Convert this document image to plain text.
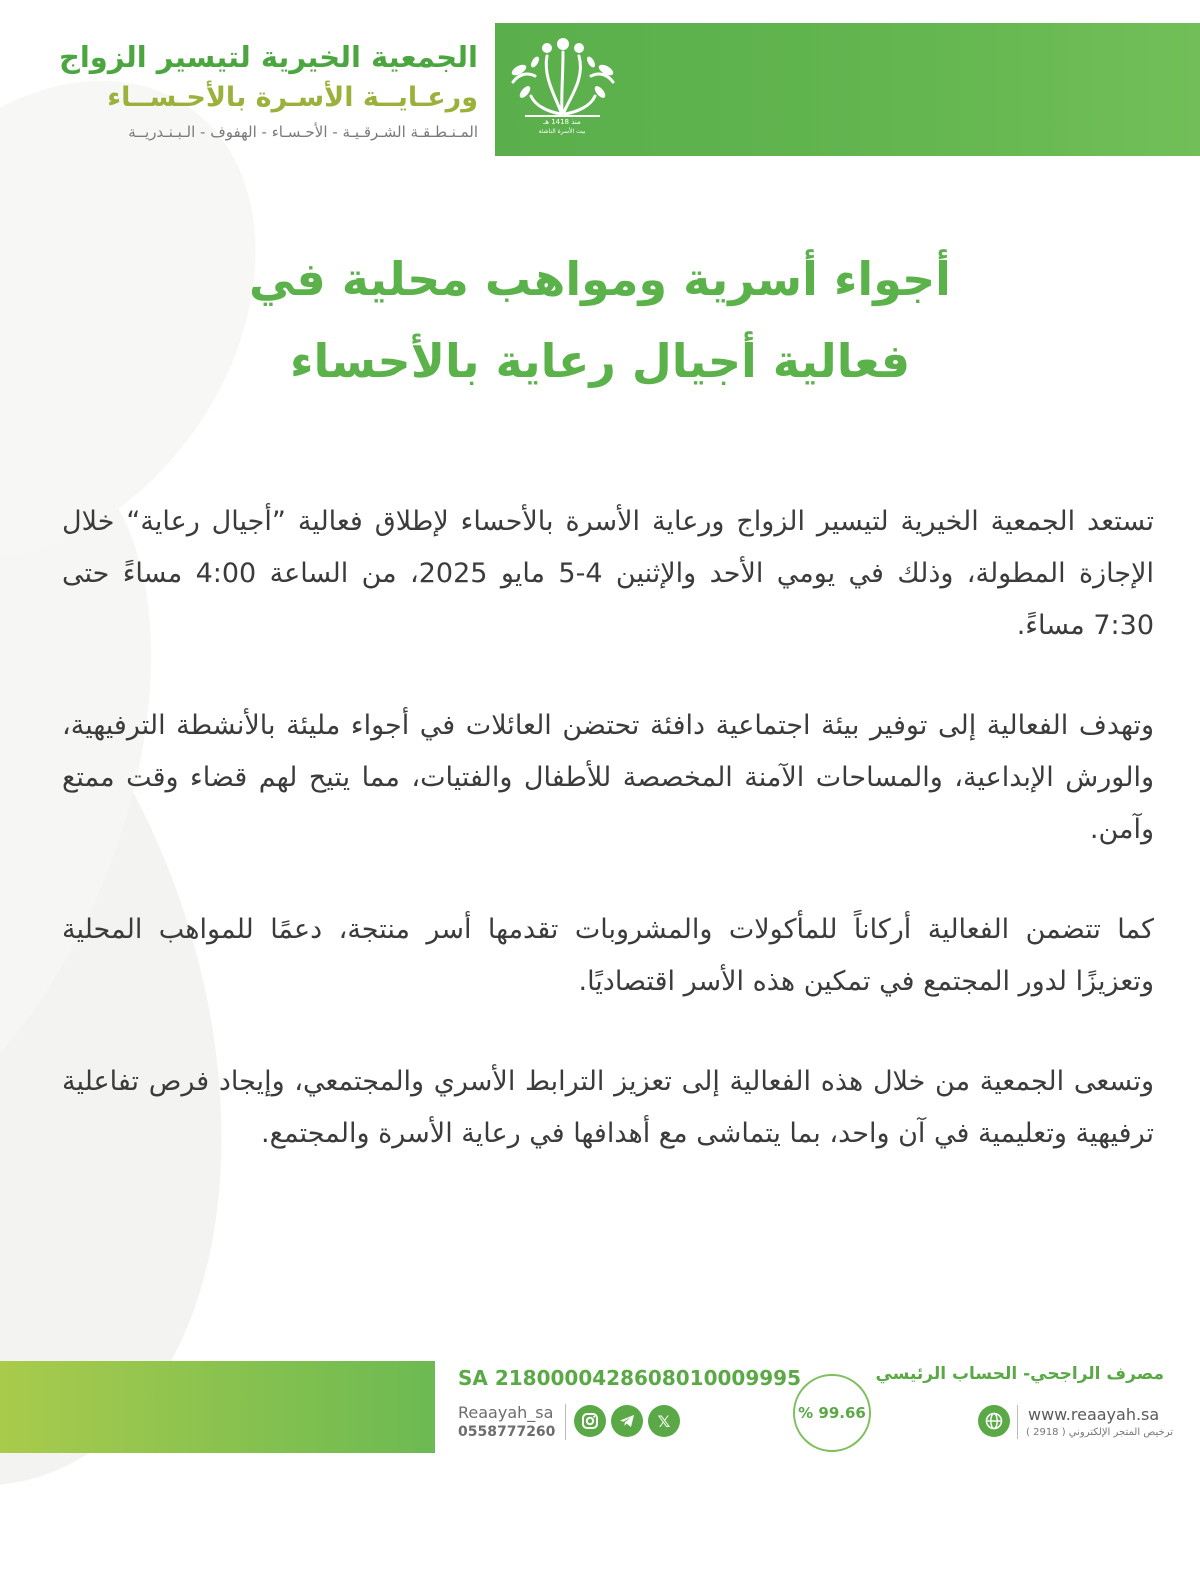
منذ 1418 هـ
بيت الأسرة الناشئة
الجمعية الخيرية لتيسير الزواج
ورعـايــة الأسـرة بالأحـســاء
المـنـطـقـة الشـرقـيـة - الأحـسـاء - الهفوف - الـبـنـدريــة
أجواء أسرية ومواهب محلية في
فعالية أجيال رعاية بالأحساء
تستعد الجمعية الخيرية لتيسير الزواج ورعاية الأسرة بالأحساء لإطلاق فعالية ”أجيال رعاية“ خلال الإجازة المطولة، وذلك في يومي الأحد والإثنين 4-5 مايو 2025، من الساعة 4:00 مساءً حتى 7:30 مساءً.
وتهدف الفعالية إلى توفير بيئة اجتماعية دافئة تحتضن العائلات في أجواء مليئة بالأنشطة الترفيهية، والورش الإبداعية، والمساحات الآمنة المخصصة للأطفال والفتيات، مما يتيح لهم قضاء وقت ممتع وآمن.
كما تتضمن الفعالية أركاناً للمأكولات والمشروبات تقدمها أسر منتجة، دعمًا للمواهب المحلية وتعزيزًا لدور المجتمع في تمكين هذه الأسر اقتصاديًا.
وتسعى الجمعية من خلال هذه الفعالية إلى تعزيز الترابط الأسري والمجتمعي، وإيجاد فرص تفاعلية ترفيهية وتعليمية في آن واحد، بما يتماشى مع أهدافها في رعاية الأسرة والمجتمع.
SA 2180000428608010009995
Reaayah_sa
0558777260
𝕏	% 99.66
مصرف الراجحي- الحساب الرئيسي
www.reaayah.sa
ترخيص المتجر الإلكتروني ( 2918 )
